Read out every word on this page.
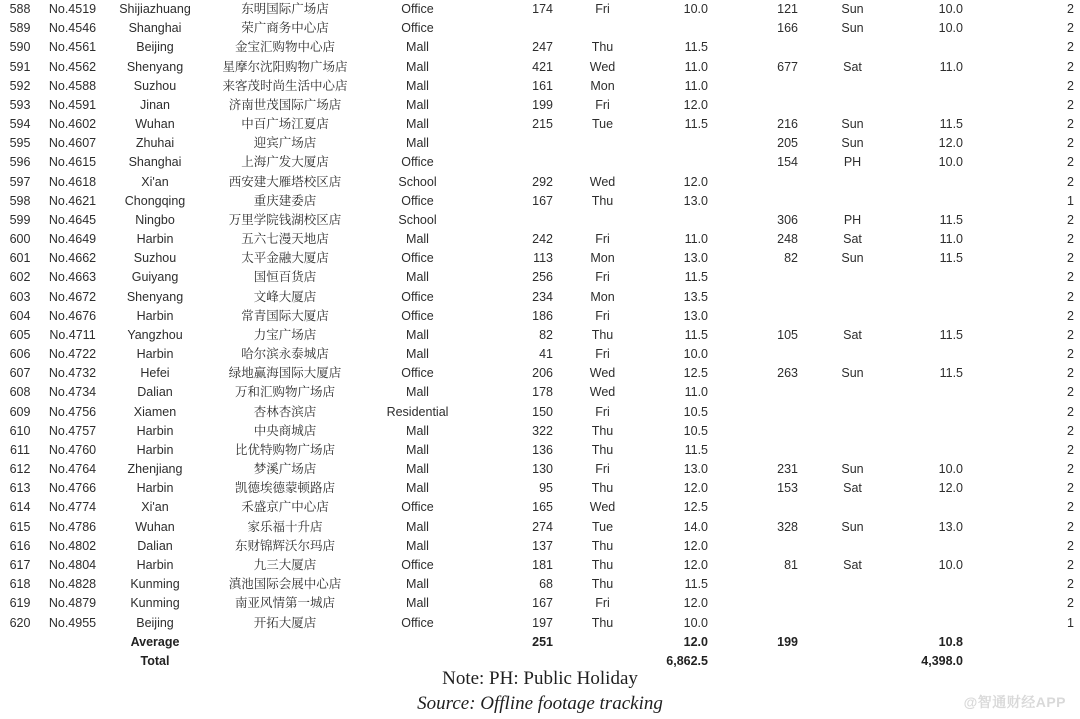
588	No.4519	Shijiazhuang	东明国际广场店	Office	174	Fri	10.0	121	Sun	10.0	2
589	No.4546	Shanghai	荣广商务中心店	Office				166	Sun	10.0	2
590	No.4561	Beijing	金宝汇购物中心店	Mall	247	Thu	11.5				2
591	No.4562	Shenyang	星摩尔沈阳购物广场店	Mall	421	Wed	11.0	677	Sat	11.0	2
592	No.4588	Suzhou	来客茂时尚生活中心店	Mall	161	Mon	11.0				2
593	No.4591	Jinan	济南世茂国际广场店	Mall	199	Fri	12.0				2
594	No.4602	Wuhan	中百广场江夏店	Mall	215	Tue	11.5	216	Sun	11.5	2
595	No.4607	Zhuhai	迎宾广场店	Mall				205	Sun	12.0	2
596	No.4615	Shanghai	上海广发大厦店	Office				154	PH	10.0	2
597	No.4618	Xi'an	西安建大雁塔校区店	School	292	Wed	12.0				2
598	No.4621	Chongqing	重庆建委店	Office	167	Thu	13.0				1
599	No.4645	Ningbo	万里学院钱湖校区店	School				306	PH	11.5	2
600	No.4649	Harbin	五六七漫天地店	Mall	242	Fri	11.0	248	Sat	11.0	2
601	No.4662	Suzhou	太平金融大厦店	Office	113	Mon	13.0	82	Sun	11.5	2
602	No.4663	Guiyang	国恒百货店	Mall	256	Fri	11.5				2
603	No.4672	Shenyang	文峰大厦店	Office	234	Mon	13.5				2
604	No.4676	Harbin	常青国际大厦店	Office	186	Fri	13.0				2
605	No.4711	Yangzhou	力宝广场店	Mall	82	Thu	11.5	105	Sat	11.5	2
606	No.4722	Harbin	哈尔滨永泰城店	Mall	41	Fri	10.0				2
607	No.4732	Hefei	绿地赢海国际大厦店	Office	206	Wed	12.5	263	Sun	11.5	2
608	No.4734	Dalian	万和汇购物广场店	Mall	178	Wed	11.0				2
609	No.4756	Xiamen	杏林杏滨店	Residential	150	Fri	10.5				2
610	No.4757	Harbin	中央商城店	Mall	322	Thu	10.5				2
611	No.4760	Harbin	比优特购物广场店	Mall	136	Thu	11.5				2
612	No.4764	Zhenjiang	梦溪广场店	Mall	130	Fri	13.0	231	Sun	10.0	2
613	No.4766	Harbin	凯德埃德蒙顿路店	Mall	95	Thu	12.0	153	Sat	12.0	2
614	No.4774	Xi'an	禾盛京广中心店	Office	165	Wed	12.5				2
615	No.4786	Wuhan	家乐福十升店	Mall	274	Tue	14.0	328	Sun	13.0	2
616	No.4802	Dalian	东财锦辉沃尔玛店	Mall	137	Thu	12.0				2
617	No.4804	Harbin	九三大厦店	Office	181	Thu	12.0	81	Sat	10.0	2
618	No.4828	Kunming	滇池国际会展中心店	Mall	68	Thu	11.5				2
619	No.4879	Kunming	南亚风情第一城店	Mall	167	Fri	12.0				2
620	No.4955	Beijing	开拓大厦店	Office	197	Thu	10.0				1
		Average			251		12.0	199		10.8	
		Total					6,862.5			4,398.0	
Note: PH: Public Holiday
Source: Offline footage tracking	@智通财经APP
